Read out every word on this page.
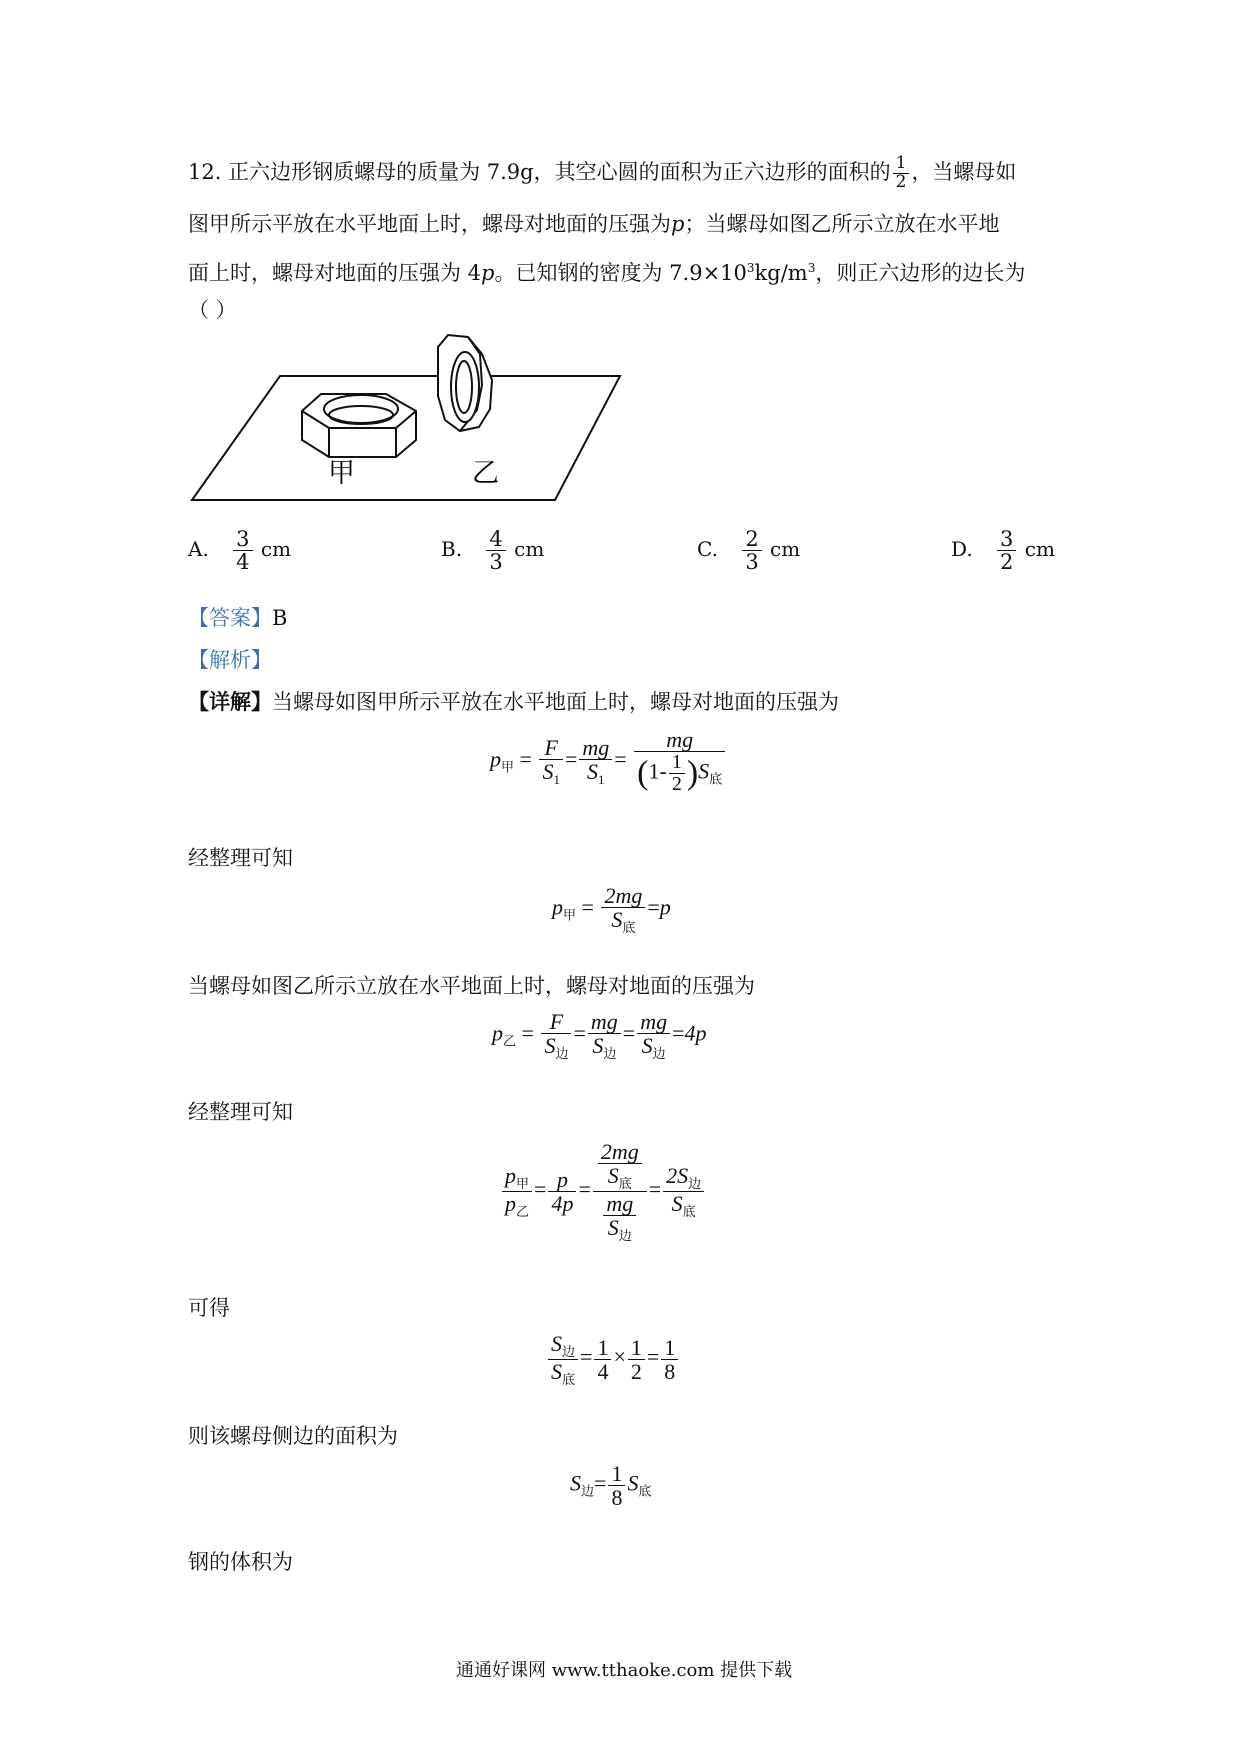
12. 正六边形钢质螺母的质量为 7.9g，其空心圆的面积为正六边形的面积的 $\frac{1}{2}$ ，当螺母如
图甲所示平放在水平地面上时，螺母对地面的压强为p；当螺母如图乙所示立放在水平地
面上时，螺母对地面的压强为 4p。已知钢的密度为 $7.9\times 10^3kg/m^3$，则正六边形的边长为
（ ）
甲	乙
A. $\frac{3}{4}$ cm	B. $\frac{4}{3}$ cm	C. $\frac{2}{3}$ cm	D. $\frac{3}{2}$ cm
【答案】B
【解析】
【详解】当螺母如图甲所示平放在水平地面上时，螺母对地面的压强为
$p_甲 = \frac{F}{S_1} = \frac{mg}{S_1} = \frac{mg}{(1- \frac{1}{2} )S_底}$
经整理可知
$p_甲 = \frac{2mg}{S_底} =p$
当螺母如图乙所示立放在水平地面上时，螺母对地面的压强为
$p_乙 = \frac{F}{S_边} = \frac{mg}{S_边} = \frac{mg}{S_边} =4p$
经整理可知
$\frac{p_甲}{p_乙} = \frac{p}{4p} = \frac{\frac{2mg}{S_底}}{\frac{mg}{S_边}} = \frac{2S_边}{S_底}$
可得
$\frac{S_边}{S_底} = \frac{1}{4} \times \frac{1}{2} = \frac{1}{8}$
则该螺母侧边的面积为
$S_边= \frac{1}{8} S_底$
钢的体积为
通通好课网 www.tthaoke.com 提供下载
